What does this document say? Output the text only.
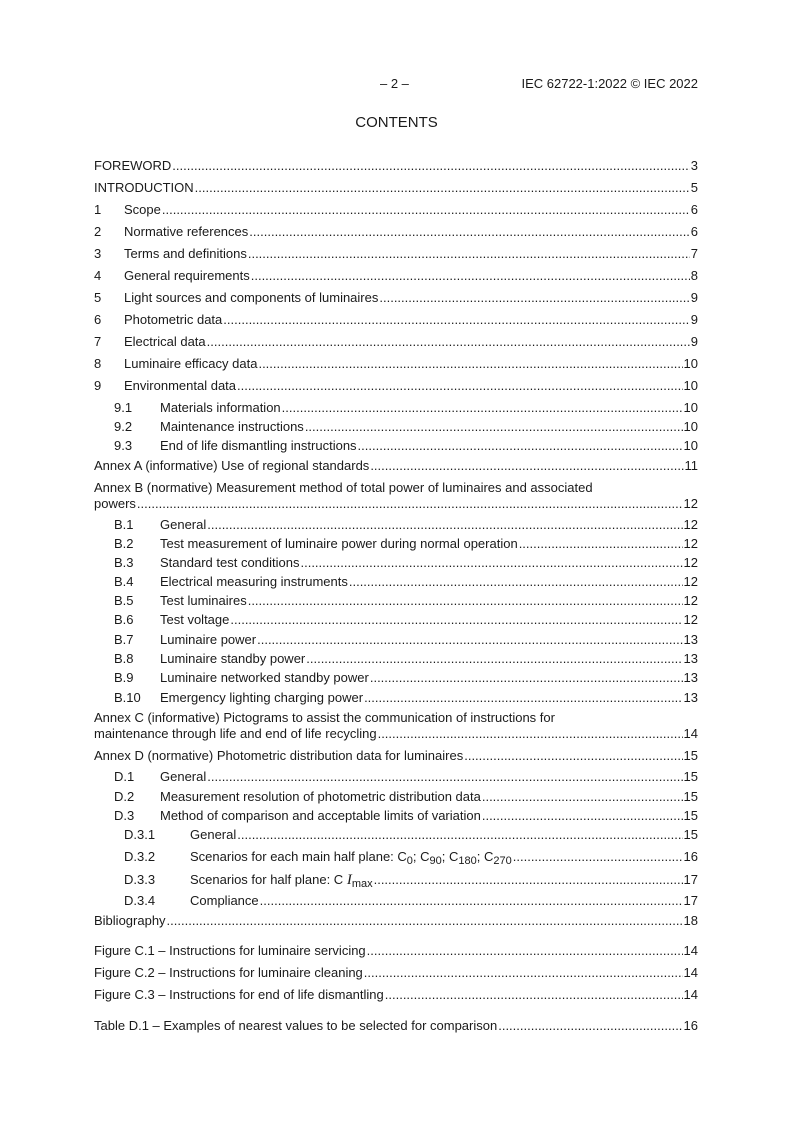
– 2 –	IEC 62722-1:2022 © IEC 2022
CONTENTS
FOREWORD .....	3
INTRODUCTION .....	5
1	Scope .....	6
2	Normative references .....	6
3	Terms and definitions .....	7
4	General requirements .....	8
5	Light sources and components of luminaires .....	9
6	Photometric data .....	9
7	Electrical data .....	9
8	Luminaire efficacy data .....	10
9	Environmental data .....	10
9.1	Materials information .....	10
9.2	Maintenance instructions .....	10
9.3	End of life dismantling instructions .....	10
Annex A (informative) Use of regional standards .....	11
Annex B (normative) Measurement method of total power of luminaires and associated
powers .....	12
B.1	General .....	12
B.2	Test measurement of luminaire power during normal operation .....	12
B.3	Standard test conditions .....	12
B.4	Electrical measuring instruments .....	12
B.5	Test luminaires .....	12
B.6	Test voltage .....	12
B.7	Luminaire power .....	13
B.8	Luminaire standby power .....	13
B.9	Luminaire networked standby power .....	13
B.10	Emergency lighting charging power .....	13
Annex C (informative) Pictograms to assist the communication of instructions for
maintenance through life and end of life recycling .....	14
Annex D (normative) Photometric distribution data for luminaires .....	15
D.1	General .....	15
D.2	Measurement resolution of photometric distribution data .....	15
D.3	Method of comparison and acceptable limits of variation .....	15
D.3.1	General .....	15
D.3.2	Scenarios for each main half plane: $C_0$; $C_{90}$; $C_{180}$; $C_{270}$ .....	16
D.3.3	Scenarios for half plane: C $I_{max}$ .....	17
D.3.4	Compliance .....	17
Bibliography .....	18
Figure C.1 – Instructions for luminaire servicing .....	14
Figure C.2 – Instructions for luminaire cleaning .....	14
Figure C.3 – Instructions for end of life dismantling .....	14
Table D.1 – Examples of nearest values to be selected for comparison .....	16
